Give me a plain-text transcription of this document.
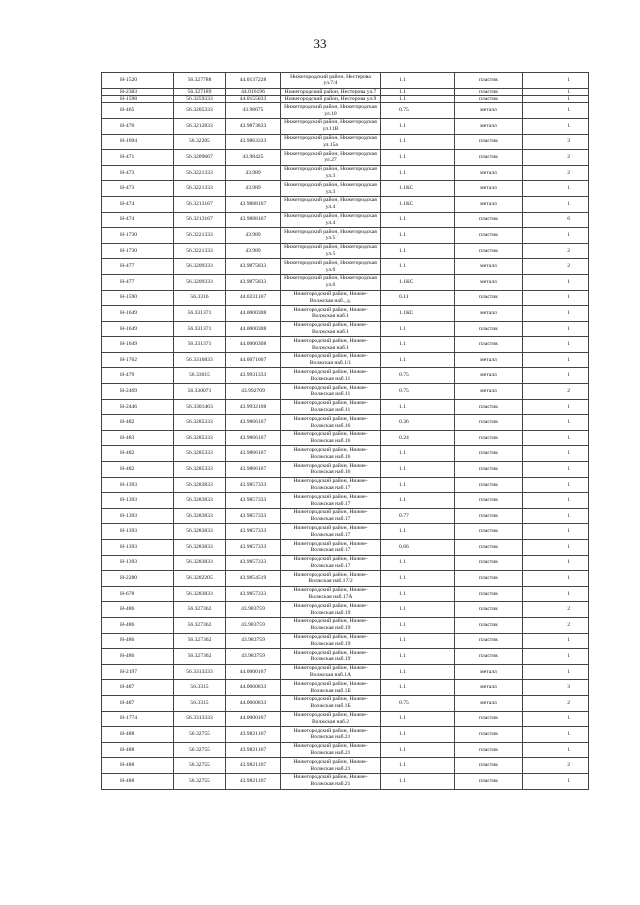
33
Н-1520	56.327788	44.0137228	Нижегородский район, Нестерова ул.7/4	1.1	пластик	1
Н-2383	56.327189	44.016196	Нижегородский район, Нестерова ул.7	1.1	пластик	1
Н-1598	56.3259333	44.0155833	Нижегородский район, Нестерова ул.9	1.1	пластик	1
Н-465	56.3205333	43.98675	Нижегородский район, Нижегородская ул.10	0.75	металл	1
Н-476	56.3212833	43.9873833	Нижегородский район, Нижегородская ул.11В	1.1	металл	1
Н-1694	56.32205	43.9863333	Нижегородский район, Нижегородская ул.15а	1.1	пластик	3
Н-471	56.3209667	43.98425	Нижегородский район, Нижегородская ул.27	1.1	пластик	2
Н-473	56.3221333	43.989	Нижегородский район, Нижегородская ул.3	1.1	металл	2
Н-473	56.3221333	43.989	Нижегородский район, Нижегородская ул.3	1.1КС	металл	1
Н-474	56.3213167	43.9888167	Нижегородский район, Нижегородская ул.4	1.1КС	металл	1
Н-474	56.3213167	43.9888167	Нижегородский район, Нижегородская ул.4	1.1	пластик	6
Н-1730	56.3221333	43.989	Нижегородский район, Нижегородская ул.5	1.1	пластик	1
Н-1730	56.3221333	43.989	Нижегородский район, Нижегородская ул.5	1.1	пластик	2
Н-477	56.3209333	43.9875833	Нижегородский район, Нижегородская ул.6	1.1	металл	2
Н-477	56.3209333	43.9875833	Нижегородский район, Нижегородская ул.6	1.1КС	металл	1
Н-1590	56.3316	44.0231167	Нижегородский район, Нижне-Волжская наб., д.	0.11	пластик	1
Н-1649	56.331371	44.0000308	Нижегородский район, Нижне-Волжская наб.1	1.1КС	металл	1
Н-1649	56.331371	44.0000308	Нижегородский район, Нижне-Волжская наб.1	1.1	пластик	1
Н-1649	56.331371	44.0000308	Нижегородский район, Нижне-Волжская наб.1	1.1	пластик	1
Н-1762	56.3316833	44.0071667	Нижегородский район, Нижне-Волжская наб.1/1	1.1	металл	1
Н-479	56.33015	43.9931333	Нижегородский район, Нижне-Волжская наб.11	0.75	металл	1
Н-2469	56.330071	43.992709	Нижегородский район, Нижне-Волжская наб.11	0.75	металл	2
Н-2446	56.3301463	43.9932108	Нижегородский район, Нижне-Волжская наб.11	1.1	пластик	1
Н-482	56.3285333	43.9866167	Нижегородский район, Нижне-Волжская наб.16	0.36	пластик	1
Н-483	56.3285333	43.9866167	Нижегородский район, Нижне-Волжская наб.16	0.24	пластик	1
Н-482	56.3285333	43.9866167	Нижегородский район, Нижне-Волжская наб.16	1.1	пластик	1
Н-482	56.3285333	43.9866167	Нижегородский район, Нижне-Волжская наб.16	1.1	пластик	1
Н-1393	56.3283833	43.9857333	Нижегородский район, Нижне-Волжская наб.17	1.1	пластик	1
Н-1393	56.3283833	43.9857333	Нижегородский район, Нижне-Волжская наб.17	1.1	пластик	1
Н-1393	56.3283833	43.9857333	Нижегородский район, Нижне-Волжская наб.17	0.77	пластик	1
Н-1393	56.3283833	43.9857333	Нижегородский район, Нижне-Волжская наб.17	1.1	пластик	1
Н-1393	56.3283833	43.9857333	Нижегородский район, Нижне-Волжская наб.17	0.66	пластик	1
Н-1393	56.3283833	43.9857333	Нижегородский район, Нижне-Волжская наб.17	1.1	пластик	1
Н-2280	56.3282205	43.9854519	Нижегородский район, Нижне-Волжская наб.17/2	1.1	пластик	1
Н-678	56.3283833	43.9857333	Нижегородский район, Нижне-Волжская наб.17А	1.1	пластик	1
Н-486	56.327362	43.983759	Нижегородский район, Нижне-Волжская наб.19	1.1	пластик	2
Н-486	56.327362	43.983759	Нижегородский район, Нижне-Волжская наб.19	1.1	пластик	2
Н-486	56.327362	43.983759	Нижегородский район, Нижне-Волжская наб.19	1.1	пластик	1
Н-486	56.327362	43.983759	Нижегородский район, Нижне-Волжская наб.19	1.1	пластик	1
Н-2197	56.3313333	44.0000167	Нижегородский район, Нижне-Волжская наб.1А	1.1	металл	1
Н-487	56.3315	44.0060833	Нижегородский район, Нижне-Волжская наб.1Б	1.1	металл	3
Н-487	56.3315	44.0060833	Нижегородский район, Нижне-Волжская наб.1Б	0.75	металл	2
Н-1774	56.3313333	44.0000167	Нижегородский район, Нижне-Волжская наб.2	1.1	пластик	1
Н-488	56.32755	43.9821167	Нижегородский район, Нижне-Волжская наб.21	1.1	пластик	1
Н-488	56.32755	43.9821167	Нижегородский район, Нижне-Волжская наб.21	1.1	пластик	1
Н-488	56.32755	43.9821167	Нижегородский район, Нижне-Волжская наб.21	1.1	пластик	2
Н-488	56.32755	43.9821167	Нижегородский район, Нижне-Волжская наб.21	1.1	пластик	1
